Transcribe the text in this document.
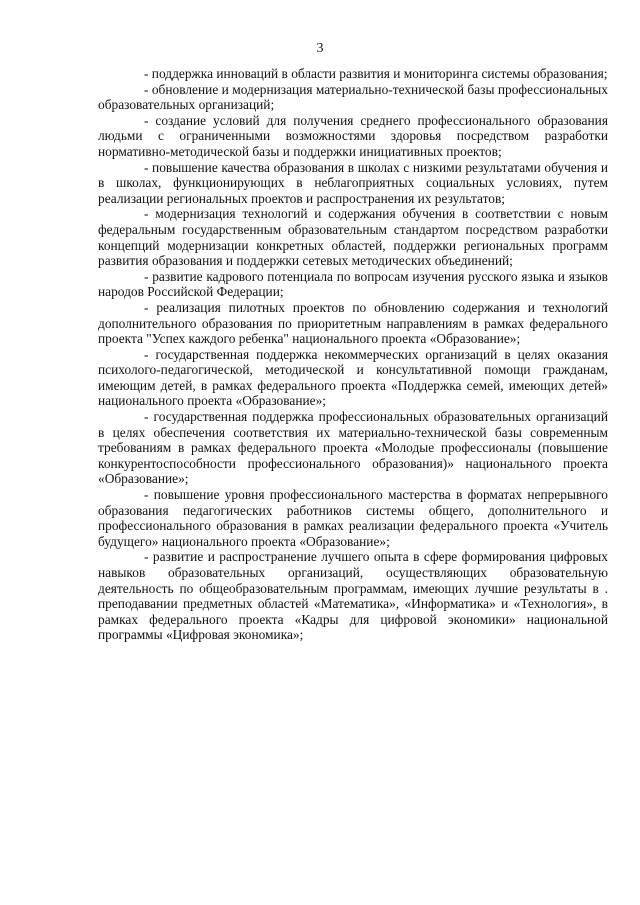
3

- поддержка инноваций в области развития и мониторинга системы образования;

- обновление и модернизация материально-технической базы профессиональных образовательных организаций;

- создание условий для получения среднего профессионального образования людьми с ограниченными возможностями здоровья посредством разработки нормативно-методической базы и поддержки инициативных проектов;

- повышение качества образования в школах с низкими результатами обучения и в школах, функционирующих в неблагоприятных социальных условиях, путем реализации региональных проектов и распространения их результатов;

- модернизация технологий и содержания обучения в соответствии с новым федеральным государственным образовательным стандартом посредством разработки концепций модернизации конкретных областей, поддержки региональных программ развития образования и поддержки сетевых методических объединений;

- развитие кадрового потенциала по вопросам изучения русского языка и языков народов Российской Федерации;

- реализация пилотных проектов по обновлению содержания и технологий дополнительного образования по приоритетным направлениям в рамках федерального проекта "Успех каждого ребенка" национального проекта «Образование»;

- государственная поддержка некоммерческих организаций в целях оказания психолого-педагогической, методической и консультативной помощи гражданам, имеющим детей, в рамках федерального проекта «Поддержка семей, имеющих детей» национального проекта «Образование»;

- государственная поддержка профессиональных образовательных организаций в целях обеспечения соответствия их материально-технической базы современным требованиям в рамках федерального проекта «Молодые профессионалы (повышение конкурентоспособности профессионального образования)» национального проекта «Образование»;

- повышение уровня профессионального мастерства в форматах непрерывного образования педагогических работников системы общего, дополнительного и профессионального образования в рамках реализации федерального проекта «Учитель будущего» национального проекта «Образование»;

- развитие и распространение лучшего опыта в сфере формирования цифровых навыков образовательных организаций, осуществляющих образовательную деятельность по общеобразовательным программам, имеющих лучшие результаты в . преподавании предметных областей «Математика», «Информатика» и «Технология», в рамках федерального проекта «Кадры для цифровой экономики» национальной программы «Цифровая экономика»;
